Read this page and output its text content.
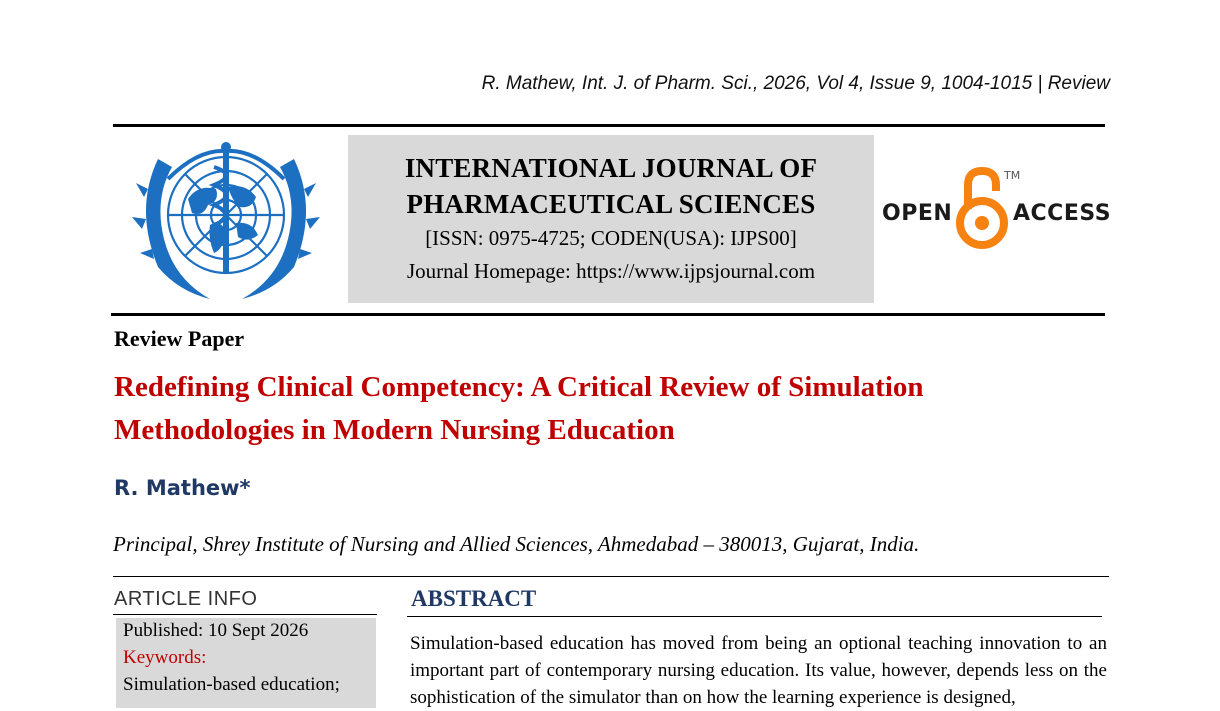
R. Mathew, Int. J. of Pharm. Sci., 2026, Vol 4, Issue 9, 1004-1015 | Review
INTERNATIONAL JOURNAL OF
PHARMACEUTICAL SCIENCES
[ISSN: 0975-4725; CODEN(USA): IJPS00]
Journal Homepage: https://www.ijpsjournal.com
OPEN	ACCESS
TM
Review Paper
Redefining Clinical Competency: A Critical Review of Simulation Methodologies in Modern Nursing Education
R. Mathew*
Principal, Shrey Institute of Nursing and Allied Sciences, Ahmedabad – 380013, Gujarat, India.
ARTICLE INFO
Published: 10 Sept 2026
Keywords:
Simulation-based education;
ABSTRACT
Simulation-based education has moved from being an optional teaching innovation to an important part of contemporary nursing education. Its value, however, depends less on the sophistication of the simulator than on how the learning experience is designed,
